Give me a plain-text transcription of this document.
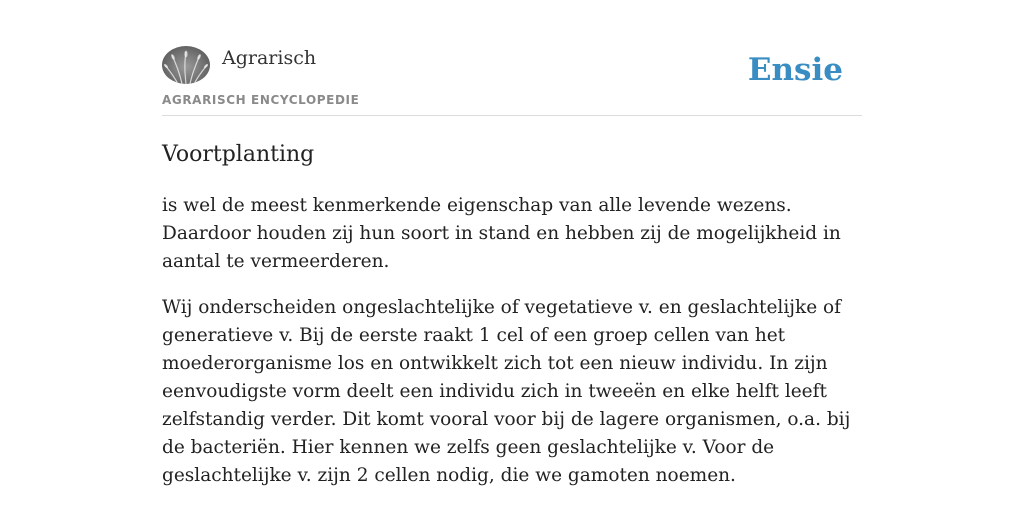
Agrarisch
AGRARISCH ENCYCLOPEDIE
Ensie
Voortplanting

is wel de meest kenmerkende eigenschap van alle levende wezens. Daardoor houden zij hun soort in stand en hebben zij de mogelijkheid in aantal te vermeerderen.

Wij onderscheiden ongeslachtelijke of vegetatieve v. en geslachtelijke of generatieve v. Bij de eerste raakt 1 cel of een groep cellen van het moederorganisme los en ontwikkelt zich tot een nieuw individu. In zijn eenvoudigste vorm deelt een individu zich in tweeën en elke helft leeft zelfstandig verder. Dit komt vooral voor bij de lagere organismen, o.a. bij de bacteriën. Hier kennen we zelfs geen geslachtelijke v. Voor de geslachtelijke v. zijn 2 cellen nodig, die we gamoten noemen.
